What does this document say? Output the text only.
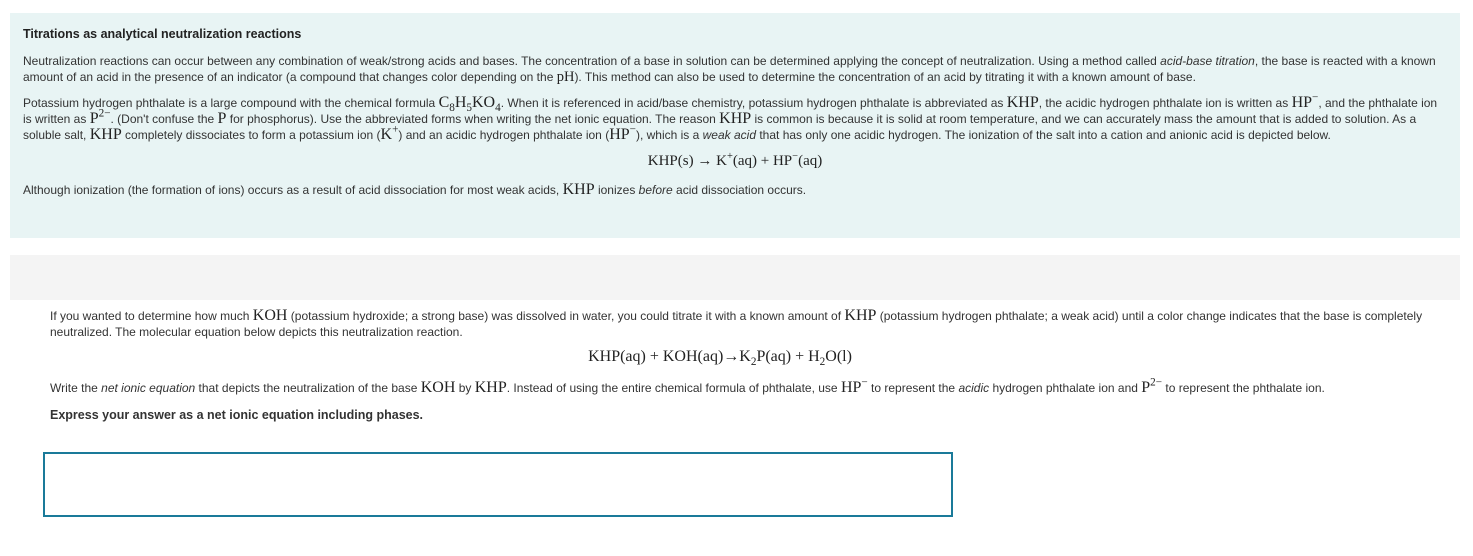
Titrations as analytical neutralization reactions

Neutralization reactions can occur between any combination of weak/strong acids and bases. The concentration of a base in solution can be determined applying the concept of neutralization. Using a method called acid-base titration, the base is reacted with a known amount of an acid in the presence of an indicator (a compound that changes color depending on the pH). This method can also be used to determine the concentration of an acid by titrating it with a known amount of base.

Potassium hydrogen phthalate is a large compound with the chemical formula $C_8H_5KO_4$. When it is referenced in acid/base chemistry, potassium hydrogen phthalate is abbreviated as KHP, the acidic hydrogen phthalate ion is written as HP−, and the phthalate ion is written as $P^{2-}$. (Don't confuse the P for phosphorus). Use the abbreviated forms when writing the net ionic equation. The reason KHP is common is because it is solid at room temperature, and we can accurately mass the amount that is added to solution. As a soluble salt, KHP completely dissociates to form a potassium ion (K+) and an acidic hydrogen phthalate ion (HP−), which is a weak acid that has only one acidic hydrogen. The ionization of the salt into a cation and anionic acid is depicted below.

KHP(s) → K+(aq) + HP−(aq)

Although ionization (the formation of ions) occurs as a result of acid dissociation for most weak acids, KHP ionizes before acid dissociation occurs.

If you wanted to determine how much KOH (potassium hydroxide; a strong base) was dissolved in water, you could titrate it with a known amount of KHP (potassium hydrogen phthalate; a weak acid) until a color change indicates that the base is completely neutralized. The molecular equation below depicts this neutralization reaction.

$KHP(aq) + KOH(aq)\to K_2P(aq) + H_2O(l)$

Write the net ionic equation that depicts the neutralization of the base KOH by KHP. Instead of using the entire chemical formula of phthalate, use HP− to represent the acidic hydrogen phthalate ion and $P^{2-}$ to represent the phthalate ion.

Express your answer as a net ionic equation including phases.
